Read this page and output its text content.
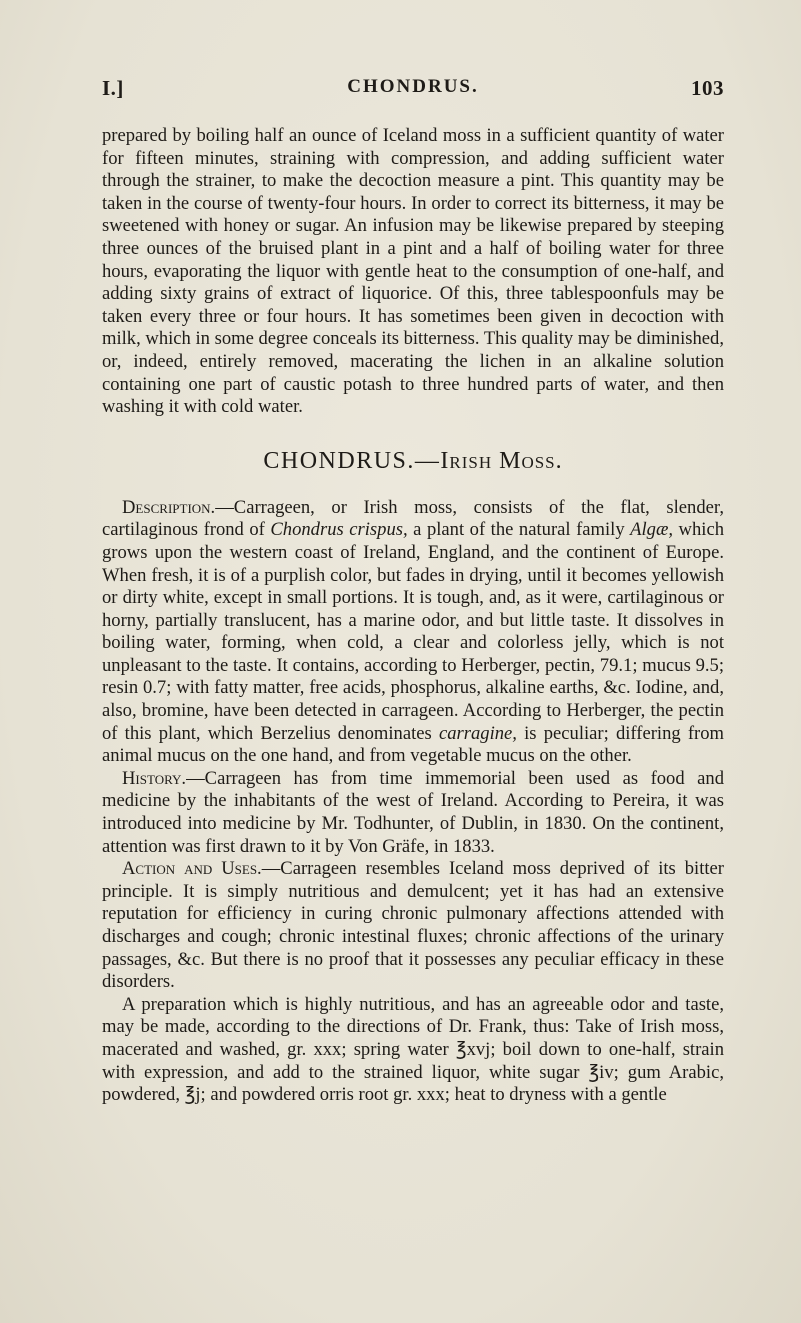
I.]	CHONDRUS.	103

prepared by boiling half an ounce of Iceland moss in a sufficient quantity of water for fifteen minutes, straining with compression, and adding sufficient water through the strainer, to make the decoction measure a pint. This quantity may be taken in the course of twenty-four hours. In order to correct its bitterness, it may be sweetened with honey or sugar. An infusion may be likewise prepared by steeping three ounces of the bruised plant in a pint and a half of boiling water for three hours, evaporating the liquor with gentle heat to the consumption of one-half, and adding sixty grains of extract of liquorice. Of this, three tablespoonfuls may be taken every three or four hours. It has sometimes been given in decoction with milk, which in some degree conceals its bitterness. This quality may be diminished, or, indeed, entirely removed, macerating the lichen in an alkaline solution containing one part of caustic potash to three hundred parts of water, and then washing it with cold water.

CHONDRUS.—Irish Moss.

Description.—Carrageen, or Irish moss, consists of the flat, slender, cartilaginous frond of Chondrus crispus, a plant of the natural family Algæ, which grows upon the western coast of Ireland, England, and the continent of Europe. When fresh, it is of a purplish color, but fades in drying, until it becomes yellowish or dirty white, except in small portions. It is tough, and, as it were, cartilaginous or horny, partially translucent, has a marine odor, and but little taste. It dissolves in boiling water, forming, when cold, a clear and colorless jelly, which is not unpleasant to the taste. It contains, according to Herberger, pectin, 79.1; mucus 9.5; resin 0.7; with fatty matter, free acids, phosphorus, alkaline earths, &c. Iodine, and, also, bromine, have been detected in carrageen. According to Herberger, the pectin of this plant, which Berzelius denominates carragine, is peculiar; differing from animal mucus on the one hand, and from vegetable mucus on the other.

History.—Carrageen has from time immemorial been used as food and medicine by the inhabitants of the west of Ireland. According to Pereira, it was introduced into medicine by Mr. Todhunter, of Dublin, in 1830. On the continent, attention was first drawn to it by Von Gräfe, in 1833.

Action and Uses.—Carrageen resembles Iceland moss deprived of its bitter principle. It is simply nutritious and demulcent; yet it has had an extensive reputation for efficiency in curing chronic pulmonary affections attended with discharges and cough; chronic intestinal fluxes; chronic affections of the urinary passages, &c. But there is no proof that it possesses any peculiar efficacy in these disorders.

A preparation which is highly nutritious, and has an agreeable odor and taste, may be made, according to the directions of Dr. Frank, thus: Take of Irish moss, macerated and washed, gr. xxx; spring water ℥xvj; boil down to one-half, strain with expression, and add to the strained liquor, white sugar ℥iv; gum Arabic, powdered, ℥j; and powdered orris root gr. xxx; heat to dryness with a gentle
